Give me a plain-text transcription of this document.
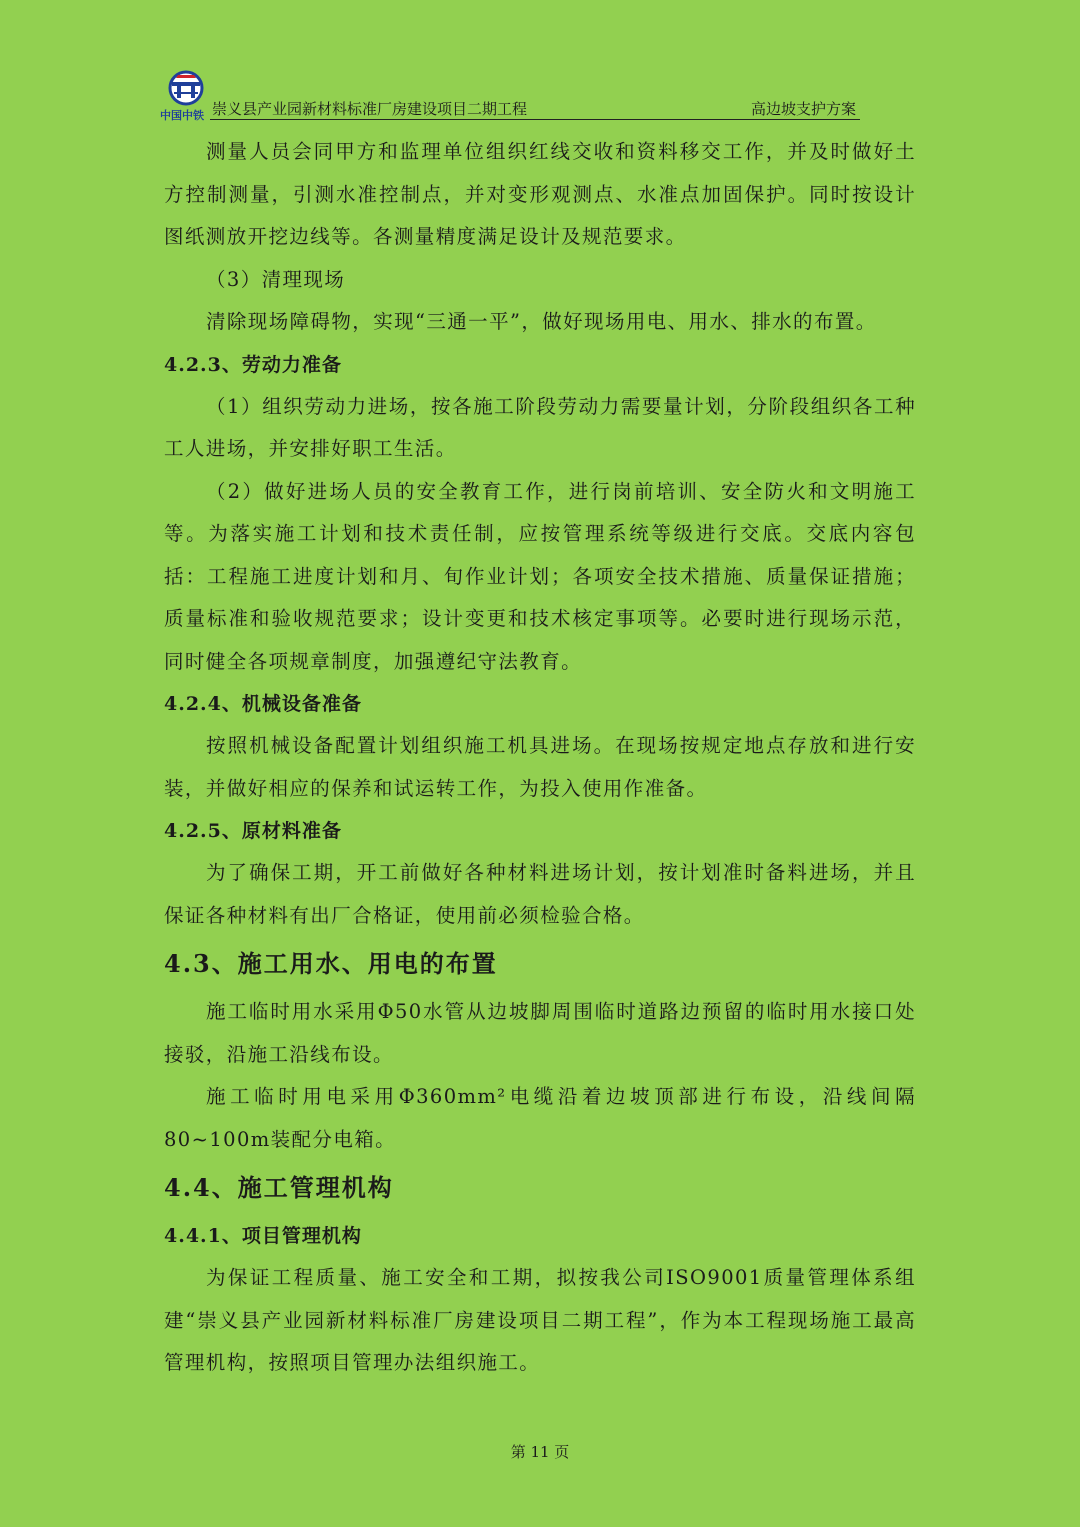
中国中铁 崇义县产业园新材料标准厂房建设项目二期工程	高边坡支护方案

测量人员会同甲方和监理单位组织红线交收和资料移交工作，并及时做好土方控制测量，引测水准控制点，并对变形观测点、水准点加固保护。同时按设计图纸测放开挖边线等。各测量精度满足设计及规范要求。

（3）清理现场

清除现场障碍物，实现“三通一平”，做好现场用电、用水、排水的布置。

4.2.3、劳动力准备

（1）组织劳动力进场，按各施工阶段劳动力需要量计划，分阶段组织各工种工人进场，并安排好职工生活。

（2）做好进场人员的安全教育工作，进行岗前培训、安全防火和文明施工等。为落实施工计划和技术责任制，应按管理系统等级进行交底。交底内容包括：工程施工进度计划和月、旬作业计划；各项安全技术措施、质量保证措施；质量标准和验收规范要求；设计变更和技术核定事项等。必要时进行现场示范，同时健全各项规章制度，加强遵纪守法教育。

4.2.4、机械设备准备

按照机械设备配置计划组织施工机具进场。在现场按规定地点存放和进行安装，并做好相应的保养和试运转工作，为投入使用作准备。

4.2.5、原材料准备

为了确保工期，开工前做好各种材料进场计划，按计划准时备料进场，并且保证各种材料有出厂合格证，使用前必须检验合格。

4.3、施工用水、用电的布置

施工临时用水采用Φ50水管从边坡脚周围临时道路边预留的临时用水接口处接驳，沿施工沿线布设。

施工临时用电采用Φ360mm²电缆沿着边坡顶部进行布设，沿线间隔80~100m装配分电箱。

4.4、施工管理机构
4.4.1、项目管理机构

为保证工程质量、施工安全和工期，拟按我公司ISO9001质量管理体系组建“崇义县产业园新材料标准厂房建设项目二期工程”，作为本工程现场施工最高管理机构，按照项目管理办法组织施工。

第 11 页
